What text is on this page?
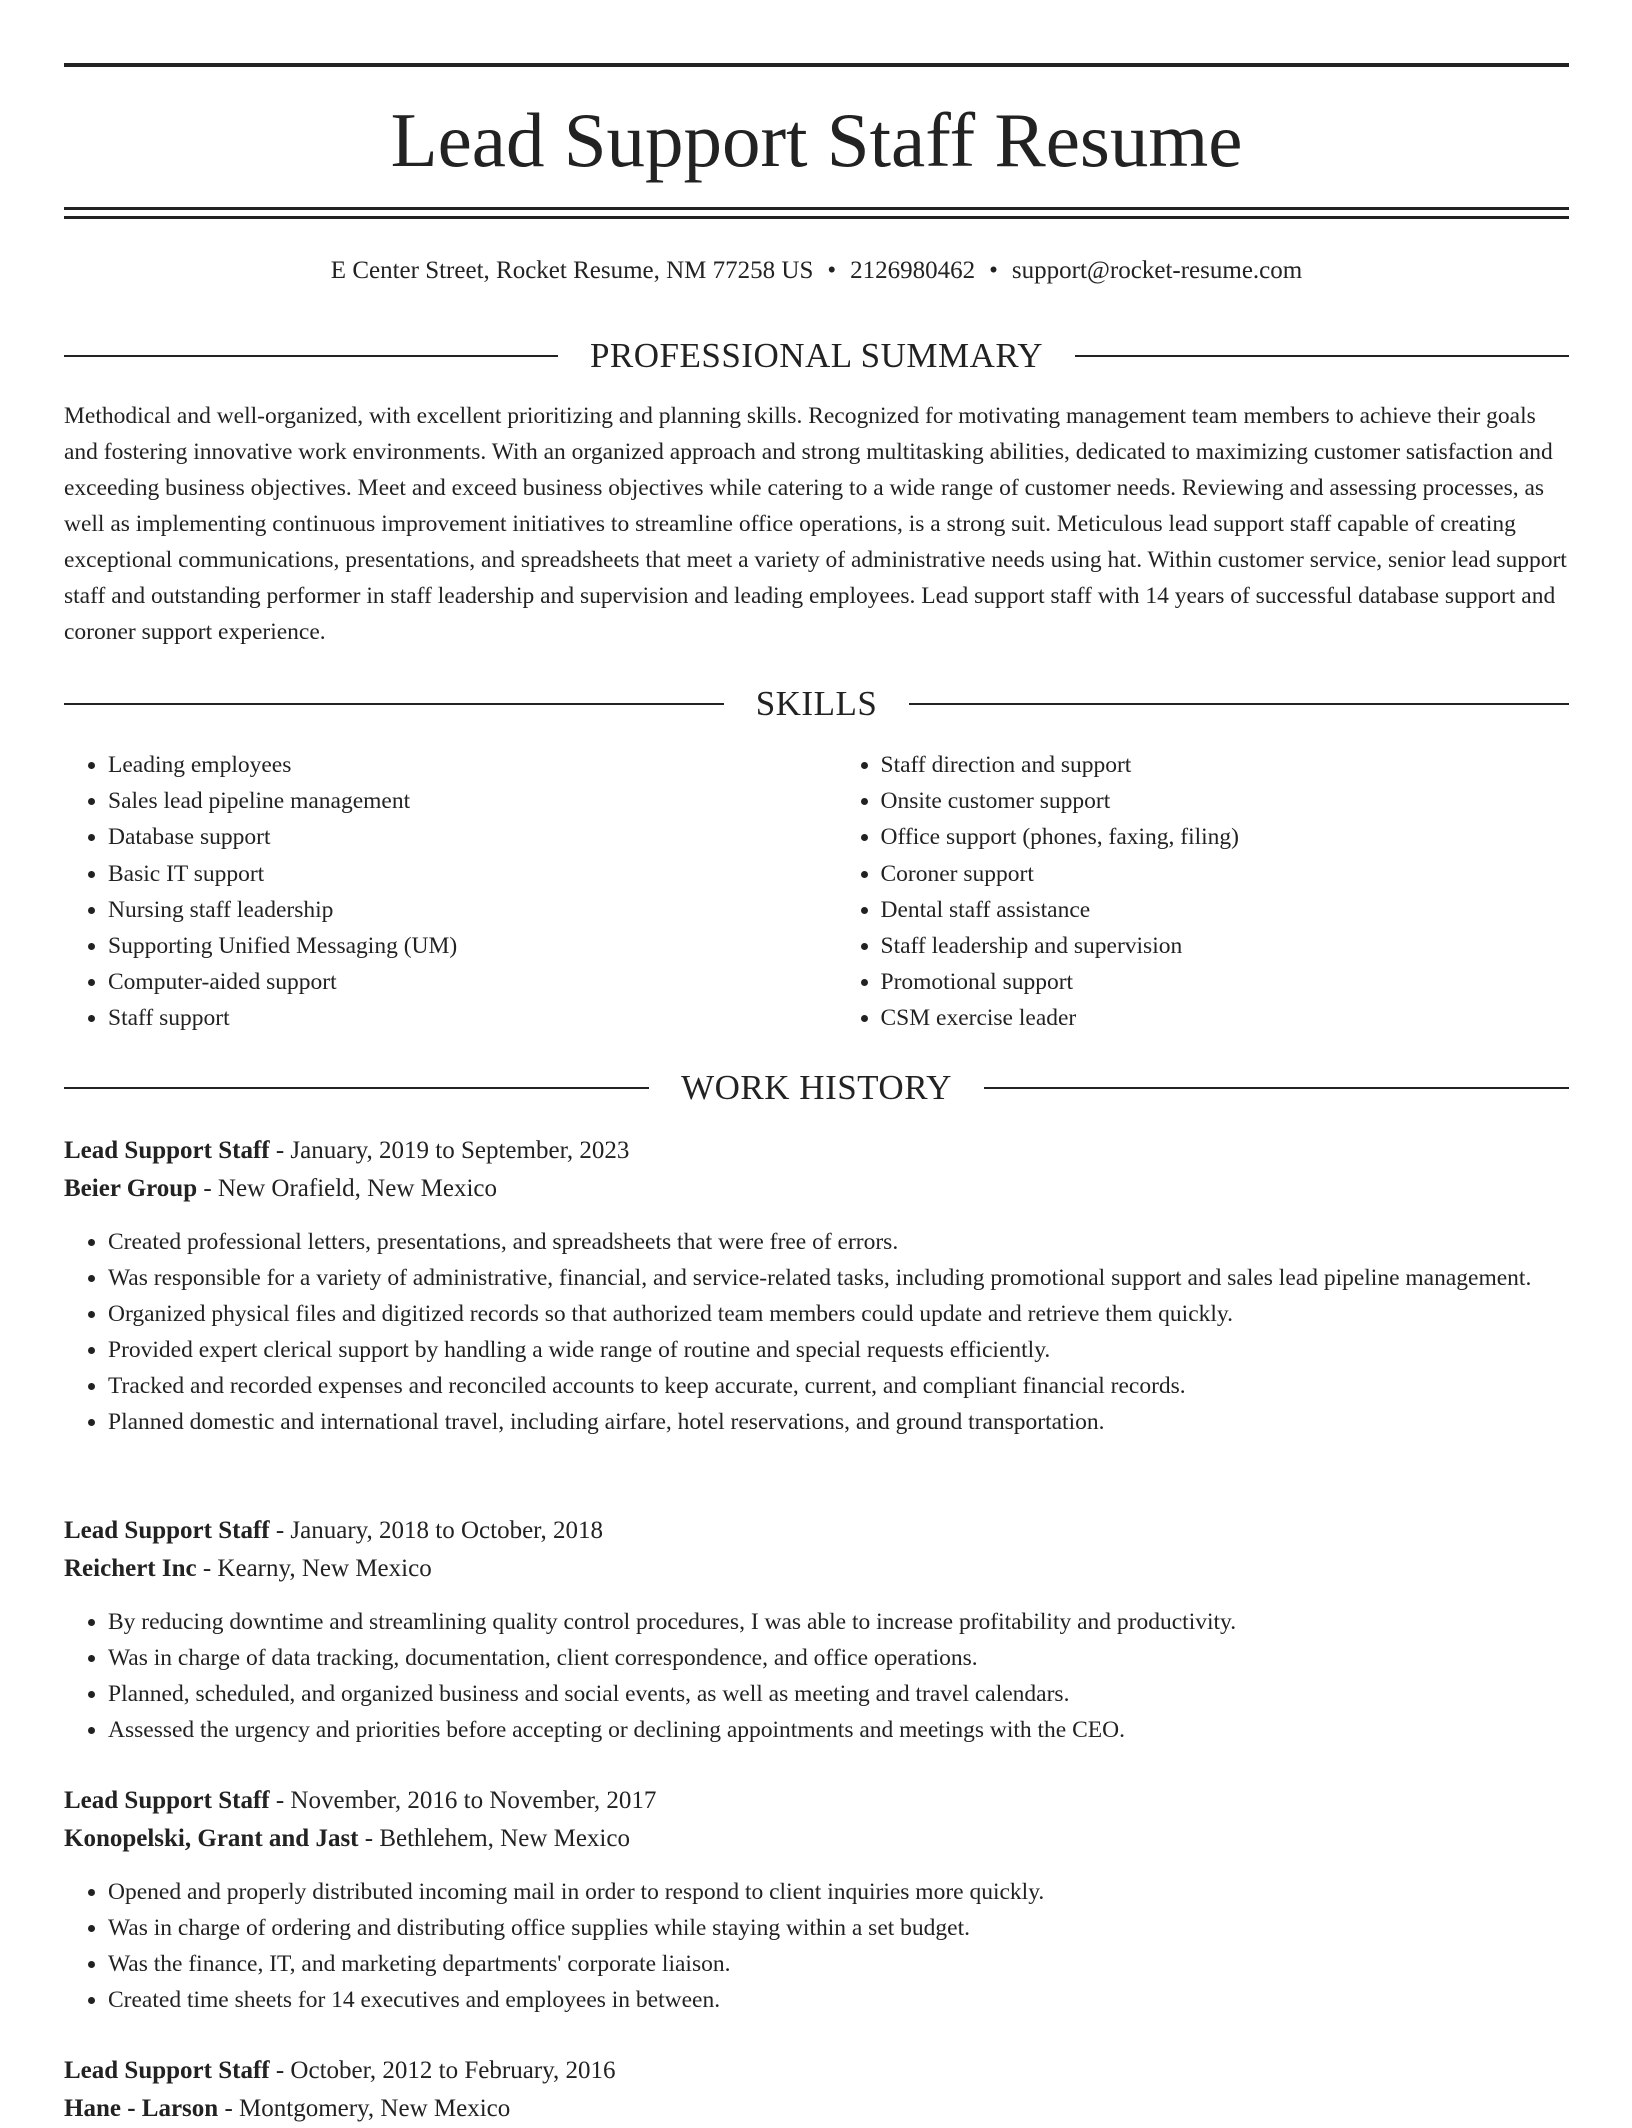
Lead Support Staff Resume
E Center Street, Rocket Resume, NM 77258 US • 2126980462 • support@rocket-resume.com
PROFESSIONAL SUMMARY

Methodical and well-organized, with excellent prioritizing and planning skills. Recognized for motivating management team members to achieve their goals and fostering innovative work environments. With an organized approach and strong multitasking abilities, dedicated to maximizing customer satisfaction and exceeding business objectives. Meet and exceed business objectives while catering to a wide range of customer needs. Reviewing and assessing processes, as well as implementing continuous improvement initiatives to streamline office operations, is a strong suit. Meticulous lead support staff capable of creating exceptional communications, presentations, and spreadsheets that meet a variety of administrative needs using hat. Within customer service, senior lead support staff and outstanding performer in staff leadership and supervision and leading employees. Lead support staff with 14 years of successful database support and coroner support experience.

SKILLS
• Leading employees
• Sales lead pipeline management
• Database support
• Basic IT support
• Nursing staff leadership
• Supporting Unified Messaging (UM)
• Computer-aided support
• Staff support
• Staff direction and support
• Onsite customer support
• Office support (phones, faxing, filing)
• Coroner support
• Dental staff assistance
• Staff leadership and supervision
• Promotional support
• CSM exercise leader
WORK HISTORY
Lead Support Staff - January, 2019 to September, 2023
Beier Group - New Orafield, New Mexico
• Created professional letters, presentations, and spreadsheets that were free of errors.
• Was responsible for a variety of administrative, financial, and service-related tasks, including promotional support and sales lead pipeline management.
• Organized physical files and digitized records so that authorized team members could update and retrieve them quickly.
• Provided expert clerical support by handling a wide range of routine and special requests efficiently.
• Tracked and recorded expenses and reconciled accounts to keep accurate, current, and compliant financial records.
• Planned domestic and international travel, including airfare, hotel reservations, and ground transportation.
Lead Support Staff - January, 2018 to October, 2018
Reichert Inc - Kearny, New Mexico
• By reducing downtime and streamlining quality control procedures, I was able to increase profitability and productivity.
• Was in charge of data tracking, documentation, client correspondence, and office operations.
• Planned, scheduled, and organized business and social events, as well as meeting and travel calendars.
• Assessed the urgency and priorities before accepting or declining appointments and meetings with the CEO.
Lead Support Staff - November, 2016 to November, 2017
Konopelski, Grant and Jast - Bethlehem, New Mexico
• Opened and properly distributed incoming mail in order to respond to client inquiries more quickly.
• Was in charge of ordering and distributing office supplies while staying within a set budget.
• Was the finance, IT, and marketing departments' corporate liaison.
• Created time sheets for 14 executives and employees in between.
Lead Support Staff - October, 2012 to February, 2016
Hane - Larson - Montgomery, New Mexico
